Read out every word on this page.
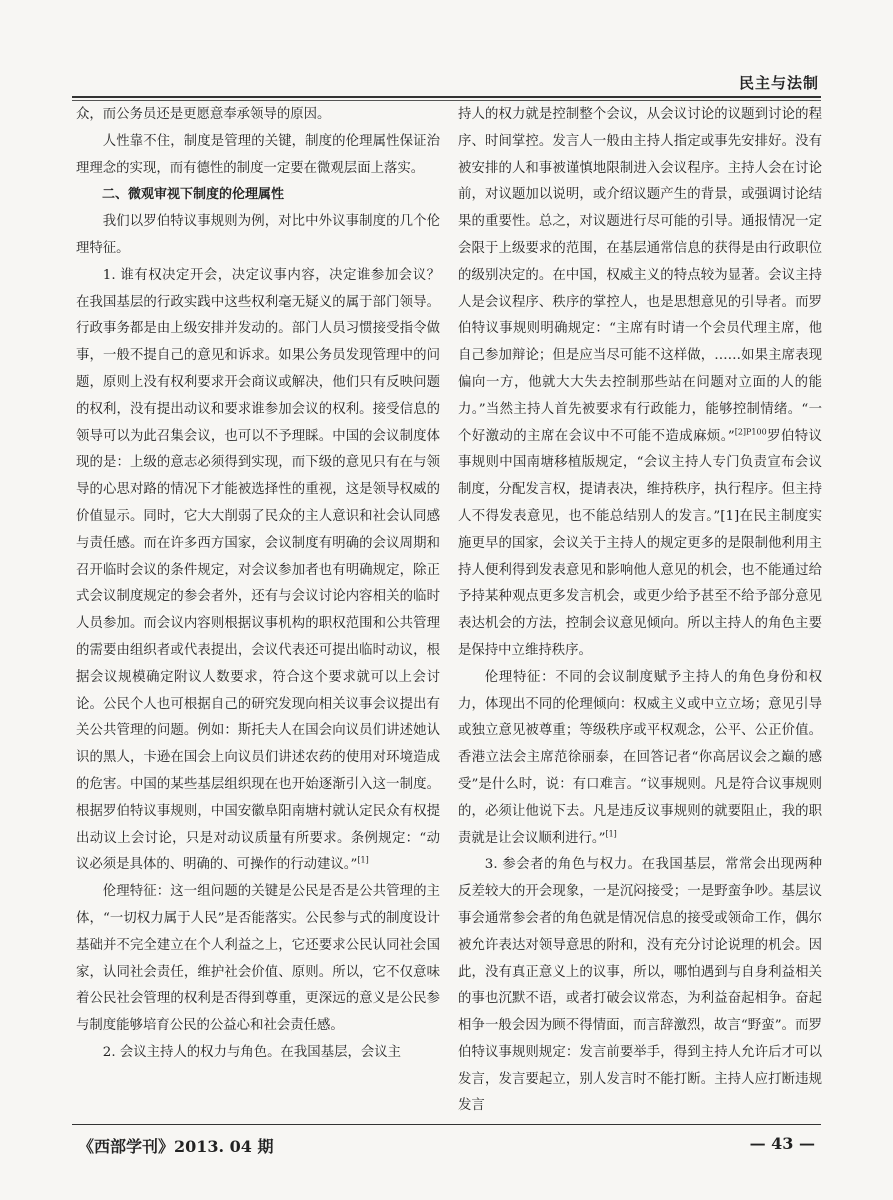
民主与法制

众，而公务员还是更愿意奉承领导的原因。

人性靠不住，制度是管理的关键，制度的伦理属性保证治理理念的实现，而有德性的制度一定要在微观层面上落实。

二、微观审视下制度的伦理属性

我们以罗伯特议事规则为例，对比中外议事制度的几个伦理特征。

1. 谁有权决定开会，决定议事内容，决定谁参加会议？在我国基层的行政实践中这些权利毫无疑义的属于部门领导。行政事务都是由上级安排并发动的。部门人员习惯接受指令做事，一般不提自己的意见和诉求。如果公务员发现管理中的问题，原则上没有权利要求开会商议或解决，他们只有反映问题的权利，没有提出动议和要求谁参加会议的权利。接受信息的领导可以为此召集会议，也可以不予理睬。中国的会议制度体现的是：上级的意志必须得到实现，而下级的意见只有在与领导的心思对路的情况下才能被选择性的重视，这是领导权威的价值显示。同时，它大大削弱了民众的主人意识和社会认同感与责任感。而在许多西方国家，会议制度有明确的会议周期和召开临时会议的条件规定，对会议参加者也有明确规定，除正式会议制度规定的参会者外，还有与会议讨论内容相关的临时人员参加。而会议内容则根据议事机构的职权范围和公共管理的需要由组织者或代表提出，会议代表还可提出临时动议，根据会议规模确定附议人数要求，符合这个要求就可以上会讨论。公民个人也可根据自己的研究发现向相关议事会议提出有关公共管理的问题。例如：斯托夫人在国会向议员们讲述她认识的黑人，卡逊在国会上向议员们讲述农药的使用对环境造成的危害。中国的某些基层组织现在也开始逐渐引入这一制度。根据罗伯特议事规则，中国安徽阜阳南塘村就认定民众有权提出动议上会讨论，只是对动议质量有所要求。条例规定：“动议必须是具体的、明确的、可操作的行动建议。”[1]

伦理特征：这一组问题的关键是公民是否是公共管理的主体，“一切权力属于人民”是否能落实。公民参与式的制度设计基础并不完全建立在个人利益之上，它还要求公民认同社会国家，认同社会责任，维护社会价值、原则。所以，它不仅意味着公民社会管理的权利是否得到尊重，更深远的意义是公民参与制度能够培育公民的公益心和社会责任感。

2. 会议主持人的权力与角色。在我国基层，会议主

持人的权力就是控制整个会议，从会议讨论的议题到讨论的程序、时间掌控。发言人一般由主持人指定或事先安排好。没有被安排的人和事被谨慎地限制进入会议程序。主持人会在讨论前，对议题加以说明，或介绍议题产生的背景，或强调讨论结果的重要性。总之，对议题进行尽可能的引导。通报情况一定会限于上级要求的范围，在基层通常信息的获得是由行政职位的级别决定的。在中国，权威主义的特点较为显著。会议主持人是会议程序、秩序的掌控人，也是思想意见的引导者。而罗伯特议事规则明确规定：“主席有时请一个会员代理主席，他自己参加辩论；但是应当尽可能不这样做，……如果主席表现偏向一方，他就大大失去控制那些站在问题对立面的人的能力。”当然主持人首先被要求有行政能力，能够控制情绪。“一个好激动的主席在会议中不可能不造成麻烦。”$^{[2]P100}$罗伯特议事规则中国南塘移植版规定，“会议主持人专门负责宣布会议制度，分配发言权，提请表决，维持秩序，执行程序。但主持人不得发表意见，也不能总结别人的发言。”[1]在民主制度实施更早的国家，会议关于主持人的规定更多的是限制他利用主持人便利得到发表意见和影响他人意见的机会，也不能通过给予持某种观点更多发言机会，或更少给予甚至不给予部分意见表达机会的方法，控制会议意见倾向。所以主持人的角色主要是保持中立维持秩序。

伦理特征：不同的会议制度赋予主持人的角色身份和权力，体现出不同的伦理倾向：权威主义或中立立场；意见引导或独立意见被尊重；等级秩序或平权观念，公平、公正价值。香港立法会主席范徐丽泰，在回答记者“你高居议会之巅的感受”是什么时，说：有口难言。“议事规则。凡是符合议事规则的，必须让他说下去。凡是违反议事规则的就要阻止，我的职责就是让会议顺利进行。”[1]

3. 参会者的角色与权力。在我国基层，常常会出现两种反差较大的开会现象，一是沉闷接受；一是野蛮争吵。基层议事会通常参会者的角色就是情况信息的接受或领命工作，偶尔被允许表达对领导意思的附和，没有充分讨论说理的机会。因此，没有真正意义上的议事，所以，哪怕遇到与自身利益相关的事也沉默不语，或者打破会议常态，为利益奋起相争。奋起相争一般会因为顾不得情面，而言辞激烈，故言“野蛮”。而罗伯特议事规则规定：发言前要举手，得到主持人允许后才可以发言，发言要起立，别人发言时不能打断。主持人应打断违规发言

《西部学刊》2013. 04 期	— 43 —
